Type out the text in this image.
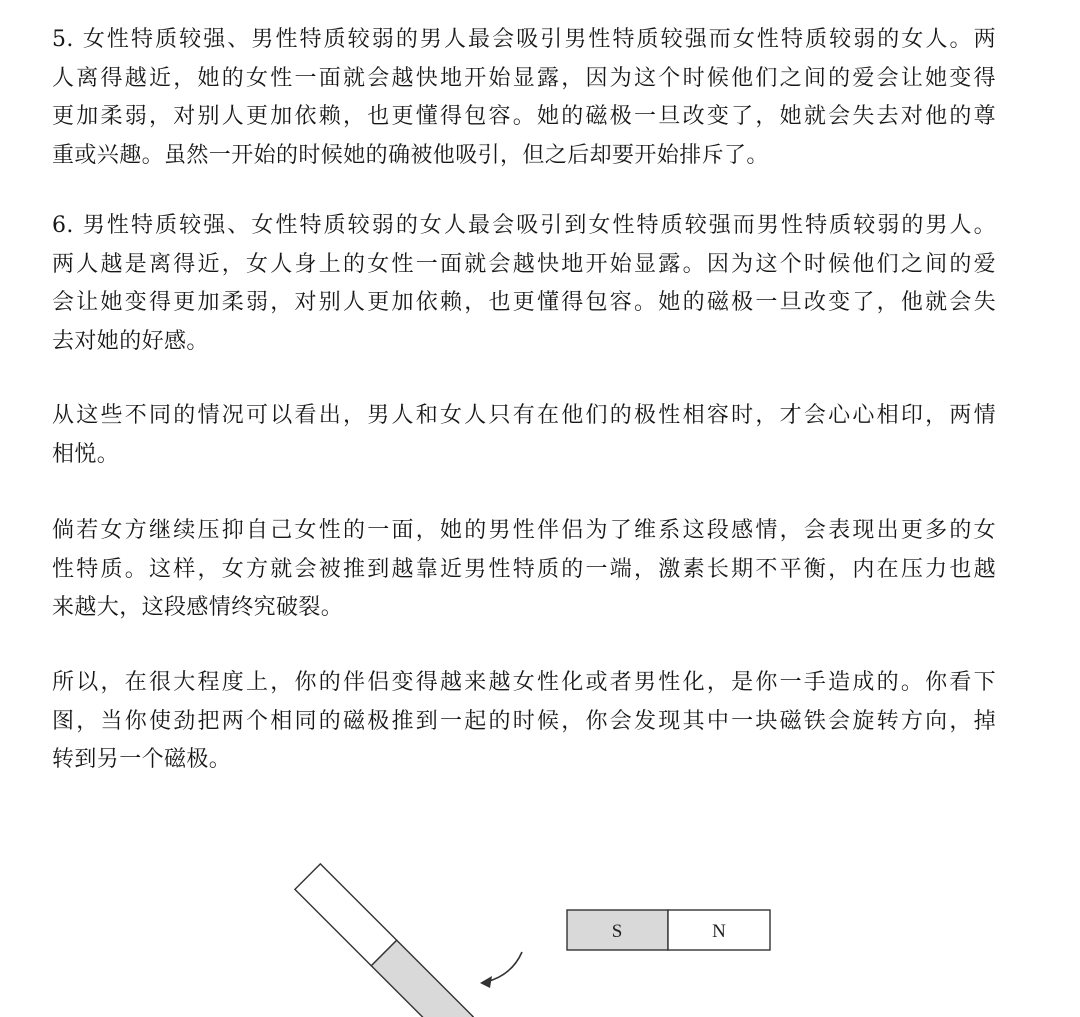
5. 女性特质较强、男性特质较弱的男人最会吸引男性特质较强而女性特质较弱的女人。两
人离得越近，她的女性一面就会越快地开始显露，因为这个时候他们之间的爱会让她变得
更加柔弱，对别人更加依赖，也更懂得包容。她的磁极一旦改变了，她就会失去对他的尊
重或兴趣。虽然一开始的时候她的确被他吸引，但之后却要开始排斥了。

6. 男性特质较强、女性特质较弱的女人最会吸引到女性特质较强而男性特质较弱的男人。
两人越是离得近，女人身上的女性一面就会越快地开始显露。因为这个时候他们之间的爱
会让她变得更加柔弱，对别人更加依赖，也更懂得包容。她的磁极一旦改变了，他就会失
去对她的好感。

从这些不同的情况可以看出，男人和女人只有在他们的极性相容时，才会心心相印，两情
相悦。

倘若女方继续压抑自己女性的一面，她的男性伴侣为了维系这段感情，会表现出更多的女
性特质。这样，女方就会被推到越靠近男性特质的一端，激素长期不平衡，内在压力也越
来越大，这段感情终究破裂。

所以，在很大程度上，你的伴侣变得越来越女性化或者男性化，是你一手造成的。你看下
图，当你使劲把两个相同的磁极推到一起的时候，你会发现其中一块磁铁会旋转方向，掉
转到另一个磁极。

S	N
